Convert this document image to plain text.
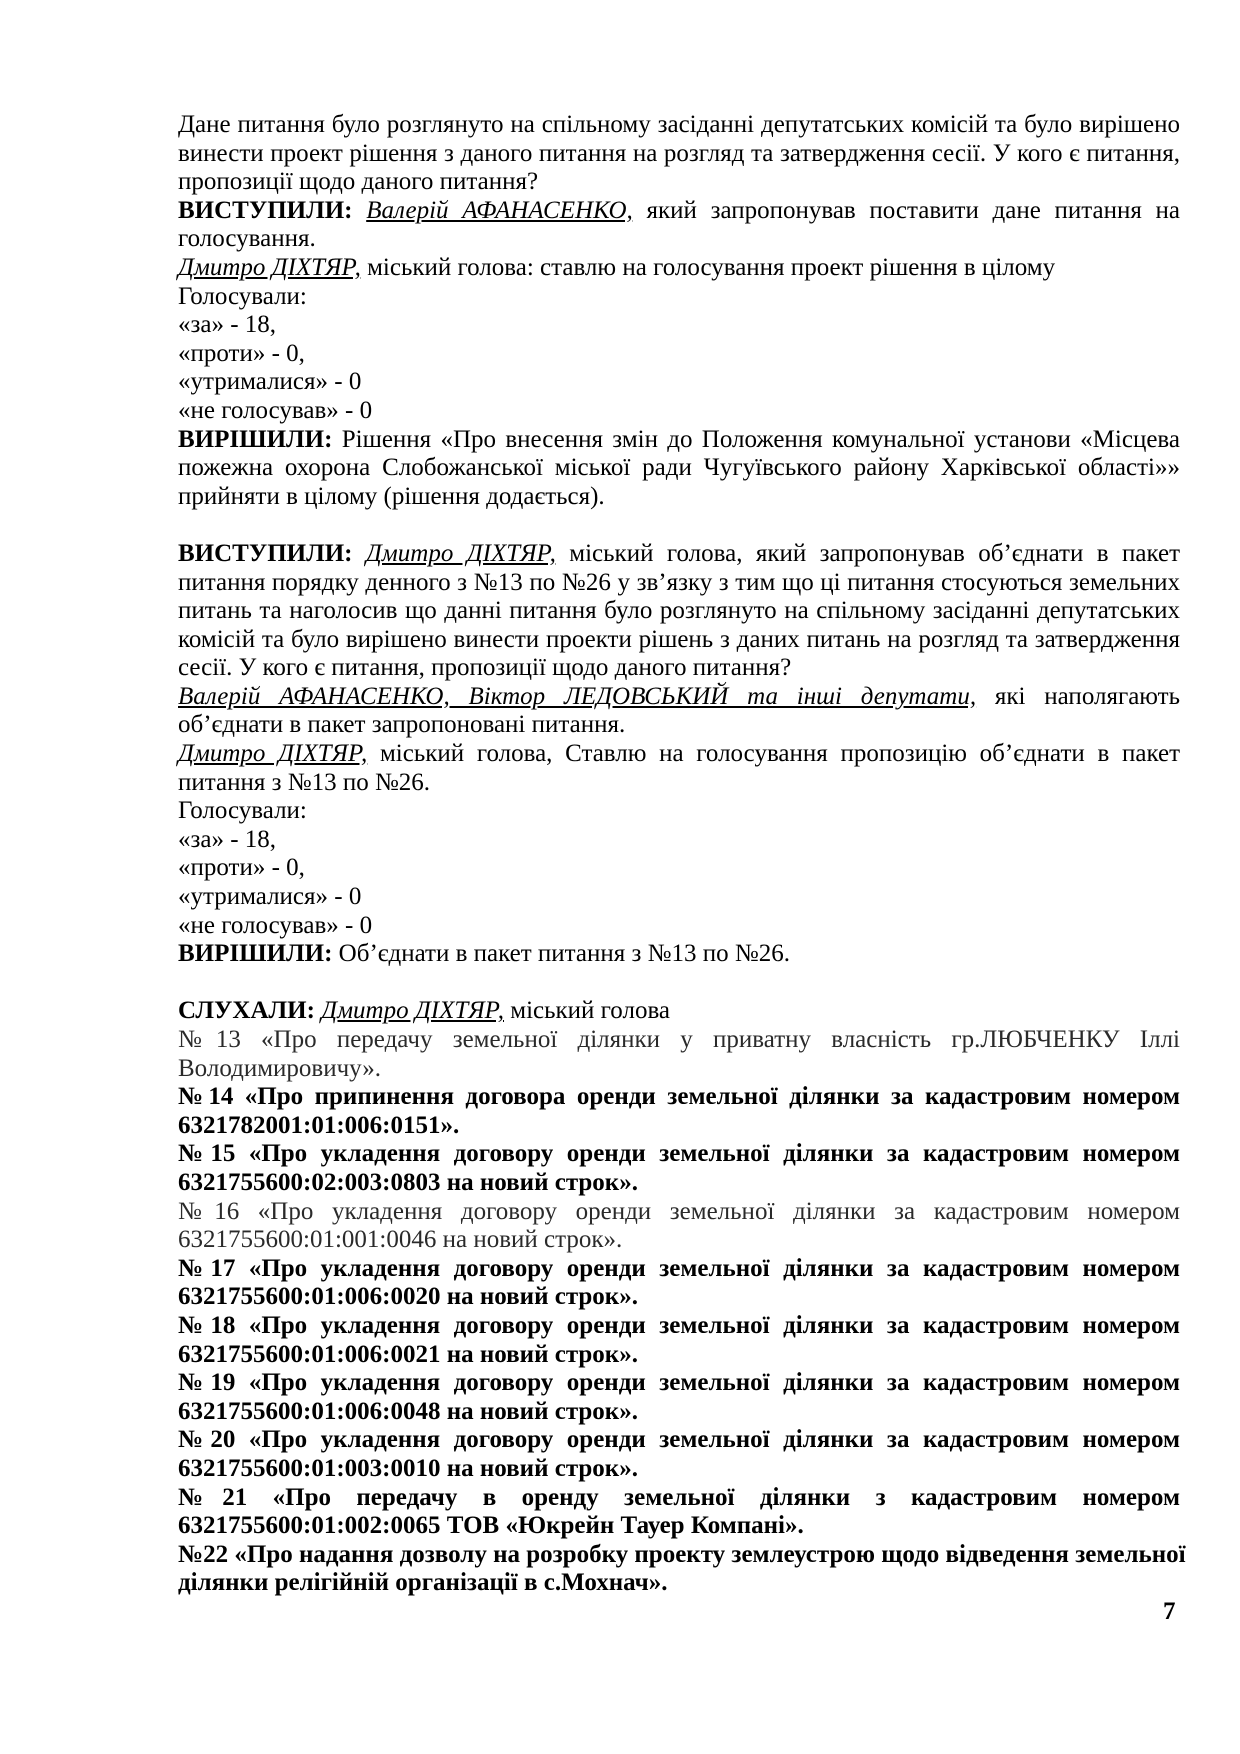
Дане питання було розглянуто на спільному засіданні депутатських комісій та було вирішено
винести проект рішення з даного питання на розгляд та затвердження сесії. У кого є питання,
пропозиції щодо даного питання?
ВИСТУПИЛИ: Валерій АФАНАСЕНКО, який запропонував поставити дане питання на
голосування.
Дмитро ДІХТЯР, міський голова: ставлю на голосування проект рішення в цілому
Голосували:
«за» - 18,
«проти» - 0,
«утрималися» - 0
«не голосував» - 0
ВИРІШИЛИ: Рішення «Про внесення змін до Положення комунальної установи «Місцева
пожежна охорона Слобожанської міської ради Чугуївського району Харківської області»»
прийняти в цілому (рішення додається).
ВИСТУПИЛИ: Дмитро ДІХТЯР, міський голова, який запропонував об’єднати в пакет
питання порядку денного з №13 по №26 у зв’язку з тим що ці питання стосуються земельних
питань та наголосив що данні питання було розглянуто на спільному засіданні депутатських
комісій та було вирішено винести проекти рішень з даних питань на розгляд та затвердження
сесії. У кого є питання, пропозиції щодо даного питання?
Валерій АФАНАСЕНКО, Віктор ЛЕДОВСЬКИЙ та інші депутати, які наполягають
об’єднати в пакет запропоновані питання.
Дмитро ДІХТЯР, міський голова, Ставлю на голосування пропозицію об’єднати в пакет
питання з №13 по №26.
Голосували:
«за» - 18,
«проти» - 0,
«утрималися» - 0
«не голосував» - 0
ВИРІШИЛИ: Об’єднати в пакет питання з №13 по №26.
СЛУХАЛИ: Дмитро ДІХТЯР, міський голова
№13 «Про передачу земельної ділянки у приватну власність гр.ЛЮБЧЕНКУ Іллі
Володимировичу».
№14 «Про припинення договора оренди земельної ділянки за кадастровим номером
6321782001:01:006:0151».
№15 «Про укладення договору оренди земельної ділянки за кадастровим номером
6321755600:02:003:0803 на новий строк».
№16 «Про укладення договору оренди земельної ділянки за кадастровим номером
6321755600:01:001:0046 на новий строк».
№17 «Про укладення договору оренди земельної ділянки за кадастровим номером
6321755600:01:006:0020 на новий строк».
№18 «Про укладення договору оренди земельної ділянки за кадастровим номером
6321755600:01:006:0021 на новий строк».
№19 «Про укладення договору оренди земельної ділянки за кадастровим номером
6321755600:01:006:0048 на новий строк».
№20 «Про укладення договору оренди земельної ділянки за кадастровим номером
6321755600:01:003:0010 на новий строк».
№21 «Про передачу в оренду земельної ділянки з кадастровим номером
6321755600:01:002:0065 ТОВ «Юкрейн Тауер Компані».
№22 «Про надання дозволу на розробку проекту землеустрою щодо відведення земельної
ділянки релігійній організації в с.Мохнач».
7
